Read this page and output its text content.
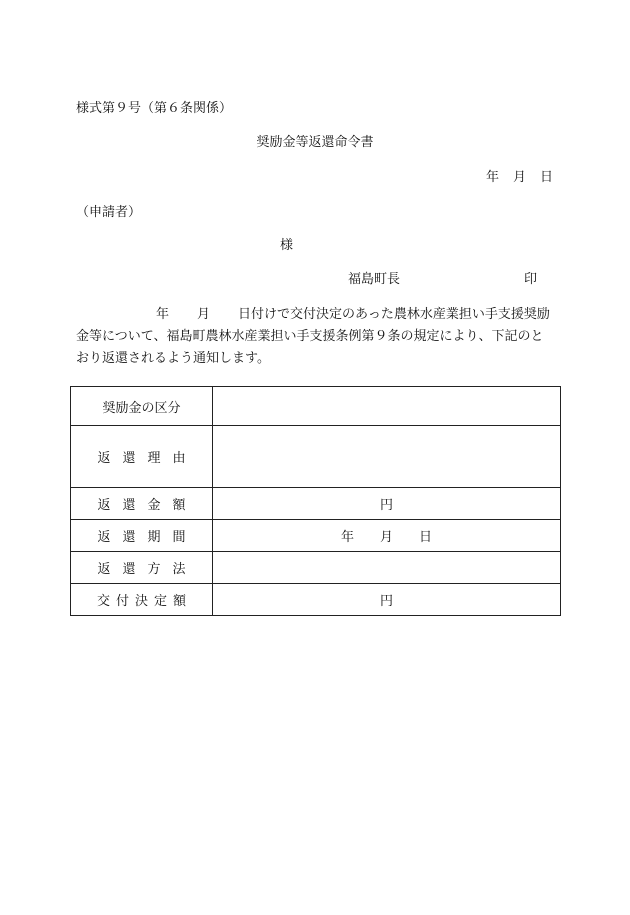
様式第９号（第６条関係）
奨励金等返還命令書
年 月 日
（申請者）
様
福島町長	印
年 月 日付けで交付決定のあった農林水産業担い手支援奨励金等について、福島町農林水産業担い手支援条例第９条の規定により、下記のとおり返還されるよう通知します。
奨励金の区分	
返還理由	
返還金額	円
返還期間	年 月 日
返還方法	
交付決定額	円
